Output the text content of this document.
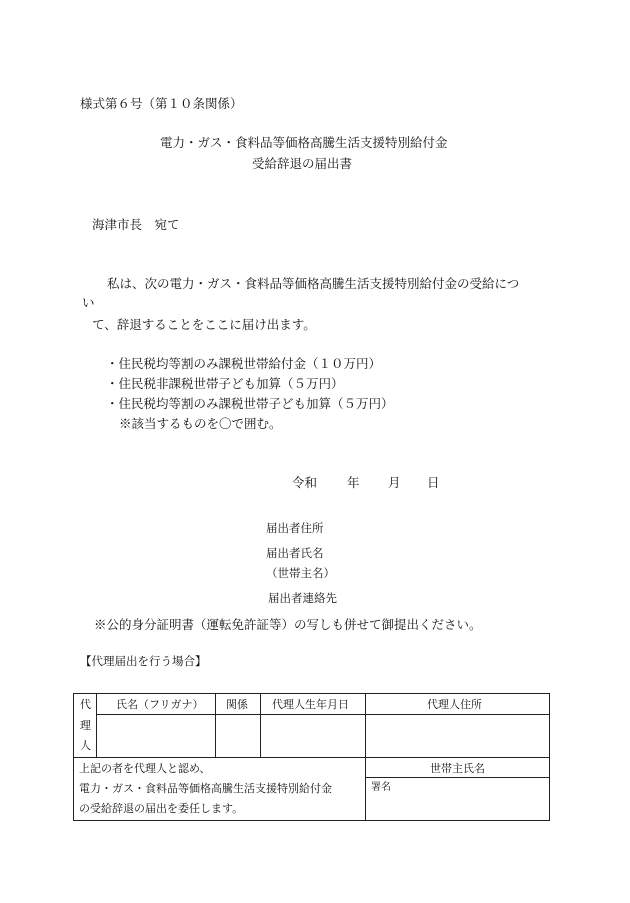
様式第６号（第１０条関係）
電力・ガス・食料品等価格高騰生活支援特別給付金
受給辞退の届出書
海津市長　宛て
私は、次の電力・ガス・食料品等価格高騰生活支援特別給付金の受給につ
い
て、辞退することをここに届け出ます。
・住民税均等割のみ課税世帯給付金（１０万円）
・住民税非課税世帯子ども加算（５万円）
・住民税均等割のみ課税世帯子ども加算（５万円）
※該当するものを〇で囲む。
令和 年 月 日
届出者住所
届出者氏名
（世帯主名）
届出者連絡先
※公的身分証明書（運転免許証等）の写しも併せて御提出ください。
【代理届出を行う場合】
代
理
人
氏名（フリガナ） 関係 代理人生年月日	代理人住所
上記の者を代理人と認め、
電力・ガス・食料品等価格高騰生活支援特別給付金
の受給辞退の届出を委任します。
世帯主氏名
署名
